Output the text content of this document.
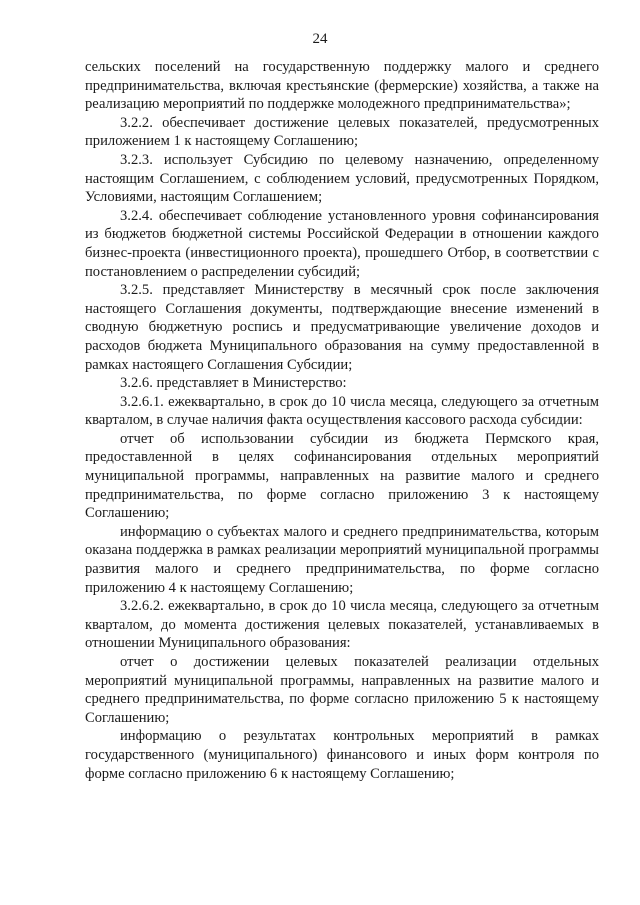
24

сельских поселений на государственную поддержку малого и среднего предпринимательства, включая крестьянские (фермерские) хозяйства, а также на реализацию мероприятий по поддержке молодежного предпринимательства»;

3.2.2. обеспечивает достижение целевых показателей, предусмотренных приложением 1 к настоящему Соглашению;

3.2.3. использует Субсидию по целевому назначению, определенному настоящим Соглашением, с соблюдением условий, предусмотренных Порядком, Условиями, настоящим Соглашением;

3.2.4. обеспечивает соблюдение установленного уровня софинансирования из бюджетов бюджетной системы Российской Федерации в отношении каждого бизнес-проекта (инвестиционного проекта), прошедшего Отбор, в соответствии с постановлением о распределении субсидий;

3.2.5. представляет Министерству в месячный срок после заключения настоящего Соглашения документы, подтверждающие внесение изменений в сводную бюджетную роспись и предусматривающие увеличение доходов и расходов бюджета Муниципального образования на сумму предоставленной в рамках настоящего Соглашения Субсидии;

3.2.6. представляет в Министерство:

3.2.6.1. ежеквартально, в срок до 10 числа месяца, следующего за отчетным кварталом, в случае наличия факта осуществления кассового расхода субсидии:

отчет об использовании субсидии из бюджета Пермского края, предоставленной в целях софинансирования отдельных мероприятий муниципальной программы, направленных на развитие малого и среднего предпринимательства, по форме согласно приложению 3 к настоящему Соглашению;

информацию о субъектах малого и среднего предпринимательства, которым оказана поддержка в рамках реализации мероприятий муниципальной программы развития малого и среднего предпринимательства, по форме согласно приложению 4 к настоящему Соглашению;

3.2.6.2. ежеквартально, в срок до 10 числа месяца, следующего за отчетным кварталом, до момента достижения целевых показателей, устанавливаемых в отношении Муниципального образования:

отчет о достижении целевых показателей реализации отдельных мероприятий муниципальной программы, направленных на развитие малого и среднего предпринимательства, по форме согласно приложению 5 к настоящему Соглашению;

информацию о результатах контрольных мероприятий в рамках государственного (муниципального) финансового и иных форм контроля по форме согласно приложению 6 к настоящему Соглашению;
